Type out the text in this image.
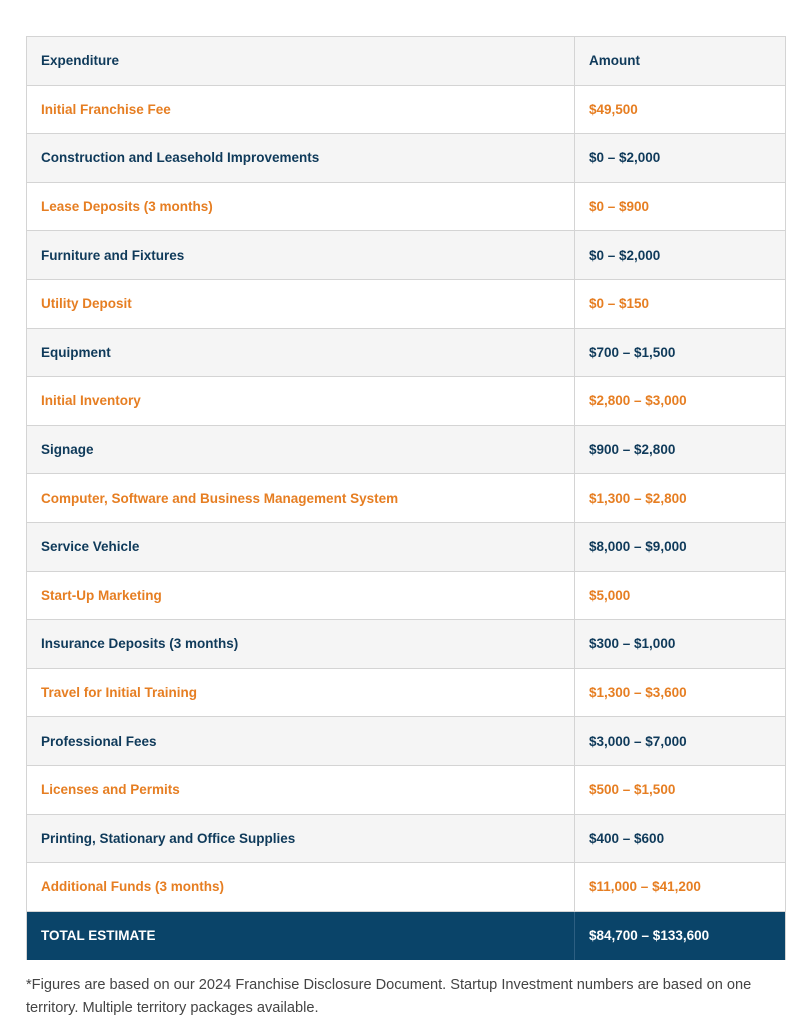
Expenditure	Amount
Initial Franchise Fee	$49,500
Construction and Leasehold Improvements	$0 – $2,000
Lease Deposits (3 months)	$0 – $900
Furniture and Fixtures	$0 – $2,000
Utility Deposit	$0 – $150
Equipment	$700 – $1,500
Initial Inventory	$2,800 – $3,000
Signage	$900 – $2,800
Computer, Software and Business Management System	$1,300 – $2,800
Service Vehicle	$8,000 – $9,000
Start-Up Marketing	$5,000
Insurance Deposits (3 months)	$300 – $1,000
Travel for Initial Training	$1,300 – $3,600
Professional Fees	$3,000 – $7,000
Licenses and Permits	$500 – $1,500
Printing, Stationary and Office Supplies	$400 – $600
Additional Funds (3 months)	$11,000 – $41,200
TOTAL ESTIMATE	$84,700 – $133,600
*Figures are based on our 2024 Franchise Disclosure Document. Startup Investment numbers are based on one territory. Multiple territory packages available.
